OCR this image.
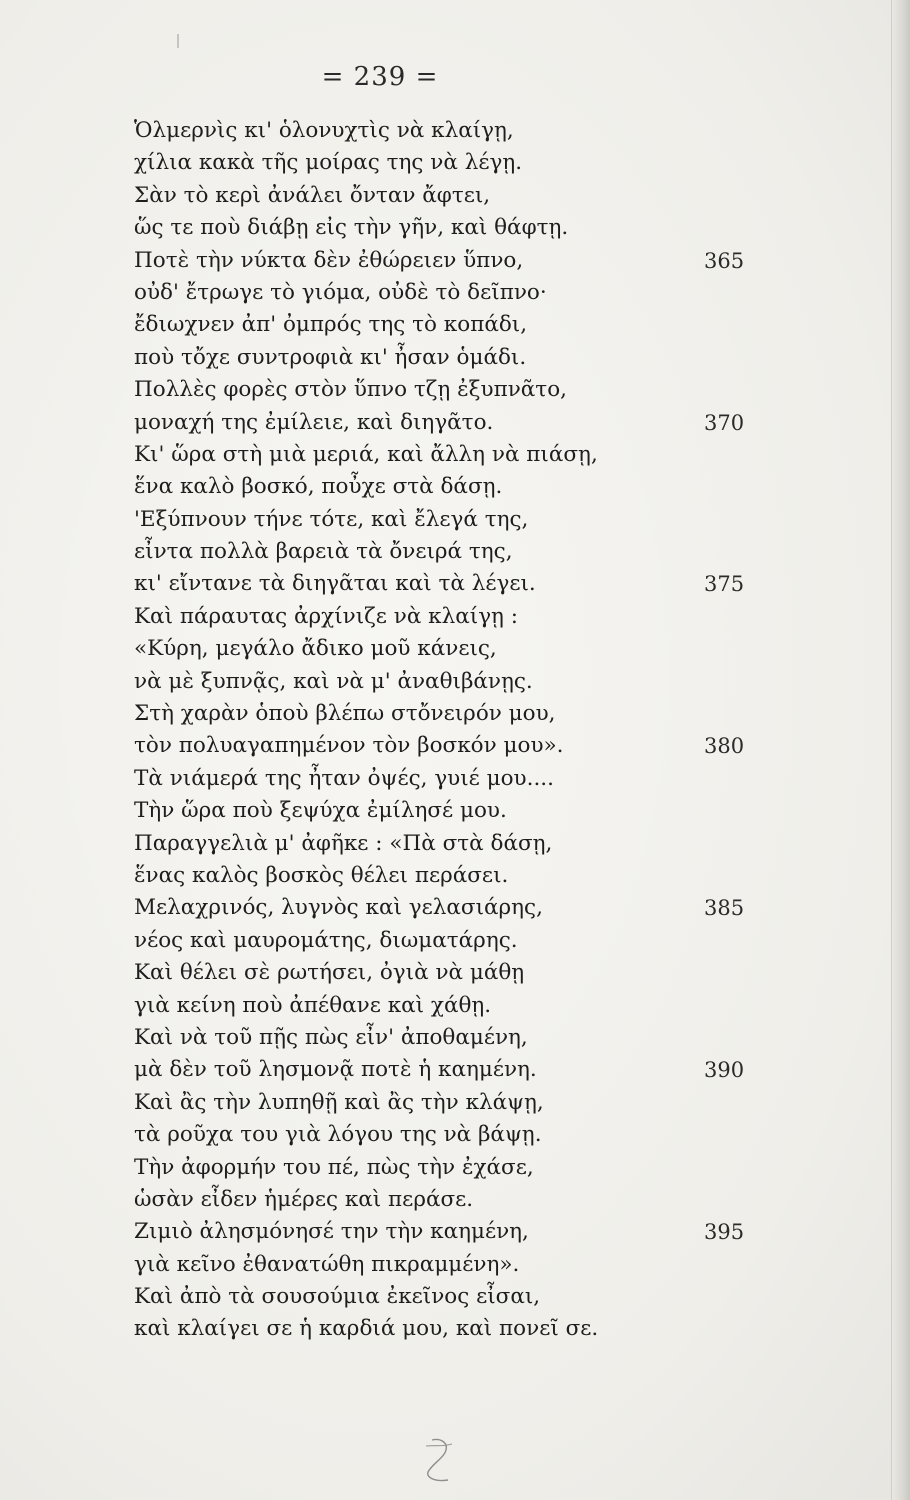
= 239 =
Ὁλμερνὶς κι' ὁλονυχτὶς νὰ κλαίγῃ,
χίλια κακὰ τῆς μοίρας της νὰ λέγῃ.
Σὰν τὸ κερὶ ἀνάλει ὄνταν ἄφτει,
ὥς τε ποὺ διάβῃ εἰς τὴν γῆν, καὶ θάφτῃ.
Ποτὲ τὴν νύκτα δὲν ἐθώρειεν ὕπνο,	365
οὐδ' ἔτρωγε τὸ γιόμα, οὐδὲ τὸ δεῖπνο·
ἔδιωχνεν ἀπ' ὀμπρός της τὸ κοπάδι,
ποὺ τὄχε συντροφιὰ κι' ἦσαν ὁμάδι.
Πολλὲς φορὲς στὸν ὕπνο τζῃ ἐξυπνᾶτο,
μοναχή της ἐμίλειε, καὶ διηγᾶτο.	370
Κι' ὥρα στὴ μιὰ μεριά, καὶ ἄλλη νὰ πιάσῃ,
ἕνα καλὸ βοσκό, ποὖχε στὰ δάσῃ.
'Εξύπνουν τήνε τότε, καὶ ἔλεγά της,
εἶντα πολλὰ βαρειὰ τὰ ὄνειρά της,
κι' εἴντανε τὰ διηγᾶται καὶ τὰ λέγει.	375
Καὶ πάραυτας ἀρχίνιζε νὰ κλαίγῃ :
«Κύρη, μεγάλο ἄδικο μοῦ κάνεις,
νὰ μὲ ξυπνᾷς, καὶ νὰ μ' ἀναθιβάνῃς.
Στὴ χαρὰν ὁποὺ βλέπω στὄνειρόν μου,
τὸν πολυαγαπημένον τὸν βοσκόν μου».	380
Τὰ νιάμερά της ἦταν ὀψές, γυιέ μου....
Τὴν ὥρα ποὺ ξεψύχα ἐμίλησέ μου.
Παραγγελιὰ μ' ἀφῆκε : «Πὰ στὰ δάσῃ,
ἕνας καλὸς βοσκὸς θέλει περάσει.
Μελαχρινός, λυγνὸς καὶ γελασιάρης,	385
νέος καὶ μαυρομάτης, διωματάρης.
Καὶ θέλει σὲ ρωτήσει, ὀγιὰ νὰ μάθῃ
γιὰ κείνη ποὺ ἀπέθανε καὶ χάθῃ.
Καὶ νὰ τοῦ πῇς πὼς εἶν' ἀποθαμένη,
μὰ δὲν τοῦ λησμονᾷ ποτὲ ἡ καημένη.	390
Καὶ ἂς τὴν λυπηθῇ καὶ ἂς τὴν κλάψῃ,
τὰ ροῦχα του γιὰ λόγου της νὰ βάψῃ.
Τὴν ἀφορμήν του πέ, πὼς τὴν ἐχάσε,
ὡσὰν εἶδεν ἡμέρες καὶ περάσε.
Ζιμιὸ ἀλησμόνησέ την τὴν καημένη,	395
γιὰ κεῖνο ἐθανατώθη πικραμμένη».
Καὶ ἀπὸ τὰ σουσούμια ἐκεῖνος εἶσαι,
καὶ κλαίγει σε ἡ καρδιά μου, καὶ πονεῖ σε.
